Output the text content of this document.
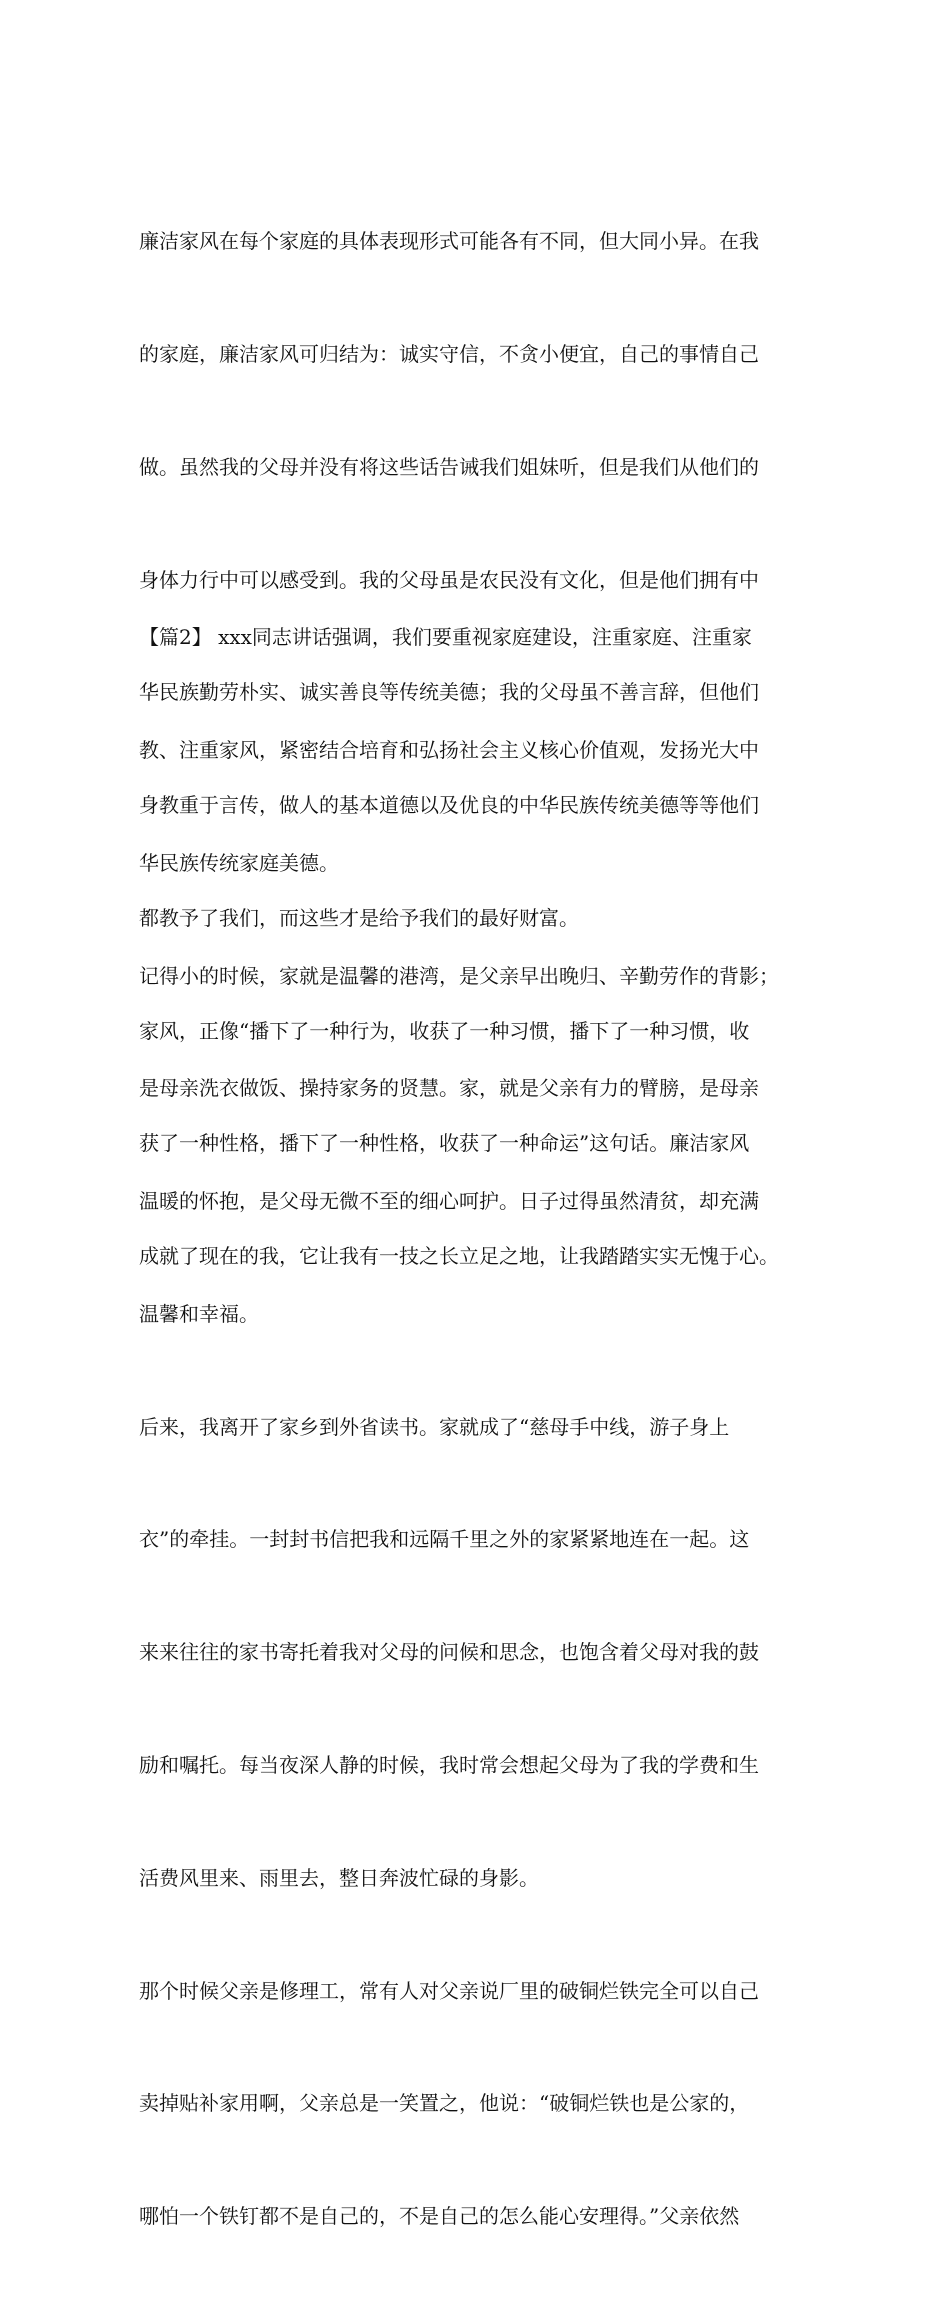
廉洁家风在每个家庭的具体表现形式可能各有不同，但大同小异。在我

的家庭，廉洁家风可归结为：诚实守信，不贪小便宜，自己的事情自己

做。虽然我的父母并没有将这些话告诫我们姐妹听，但是我们从他们的

身体力行中可以感受到。我的父母虽是农民没有文化，但是他们拥有中

华民族勤劳朴实、诚实善良等传统美德；我的父母虽不善言辞，但他们

身教重于言传，做人的基本道德以及优良的中华民族传统美德等等他们

都教予了我们，而这些才是给予我们的最好财富。

家风，正像“播下了一种行为，收获了一种习惯，播下了一种习惯，收

获了一种性格，播下了一种性格，收获了一种命运”这句话。廉洁家风

成就了现在的我，它让我有一技之长立足之地，让我踏踏实实无愧于心。

【篇2】 xxx同志讲话强调，我们要重视家庭建设，注重家庭、注重家

教、注重家风，紧密结合培育和弘扬社会主义核心价值观，发扬光大中

华民族传统家庭美德。

记得小的时候，家就是温馨的港湾，是父亲早出晚归、辛勤劳作的背影；

是母亲洗衣做饭、操持家务的贤慧。家，就是父亲有力的臂膀，是母亲

温暖的怀抱，是父母无微不至的细心呵护。日子过得虽然清贫，却充满

温馨和幸福。

后来，我离开了家乡到外省读书。家就成了“慈母手中线，游子身上

衣”的牵挂。一封封书信把我和远隔千里之外的家紧紧地连在一起。这

来来往往的家书寄托着我对父母的问候和思念，也饱含着父母对我的鼓

励和嘱托。每当夜深人静的时候，我时常会想起父母为了我的学费和生

活费风里来、雨里去，整日奔波忙碌的身影。

那个时候父亲是修理工，常有人对父亲说厂里的破铜烂铁完全可以自己

卖掉贴补家用啊，父亲总是一笑置之，他说：“破铜烂铁也是公家的，

哪怕一个铁钉都不是自己的，不是自己的怎么能心安理得。”父亲依然
